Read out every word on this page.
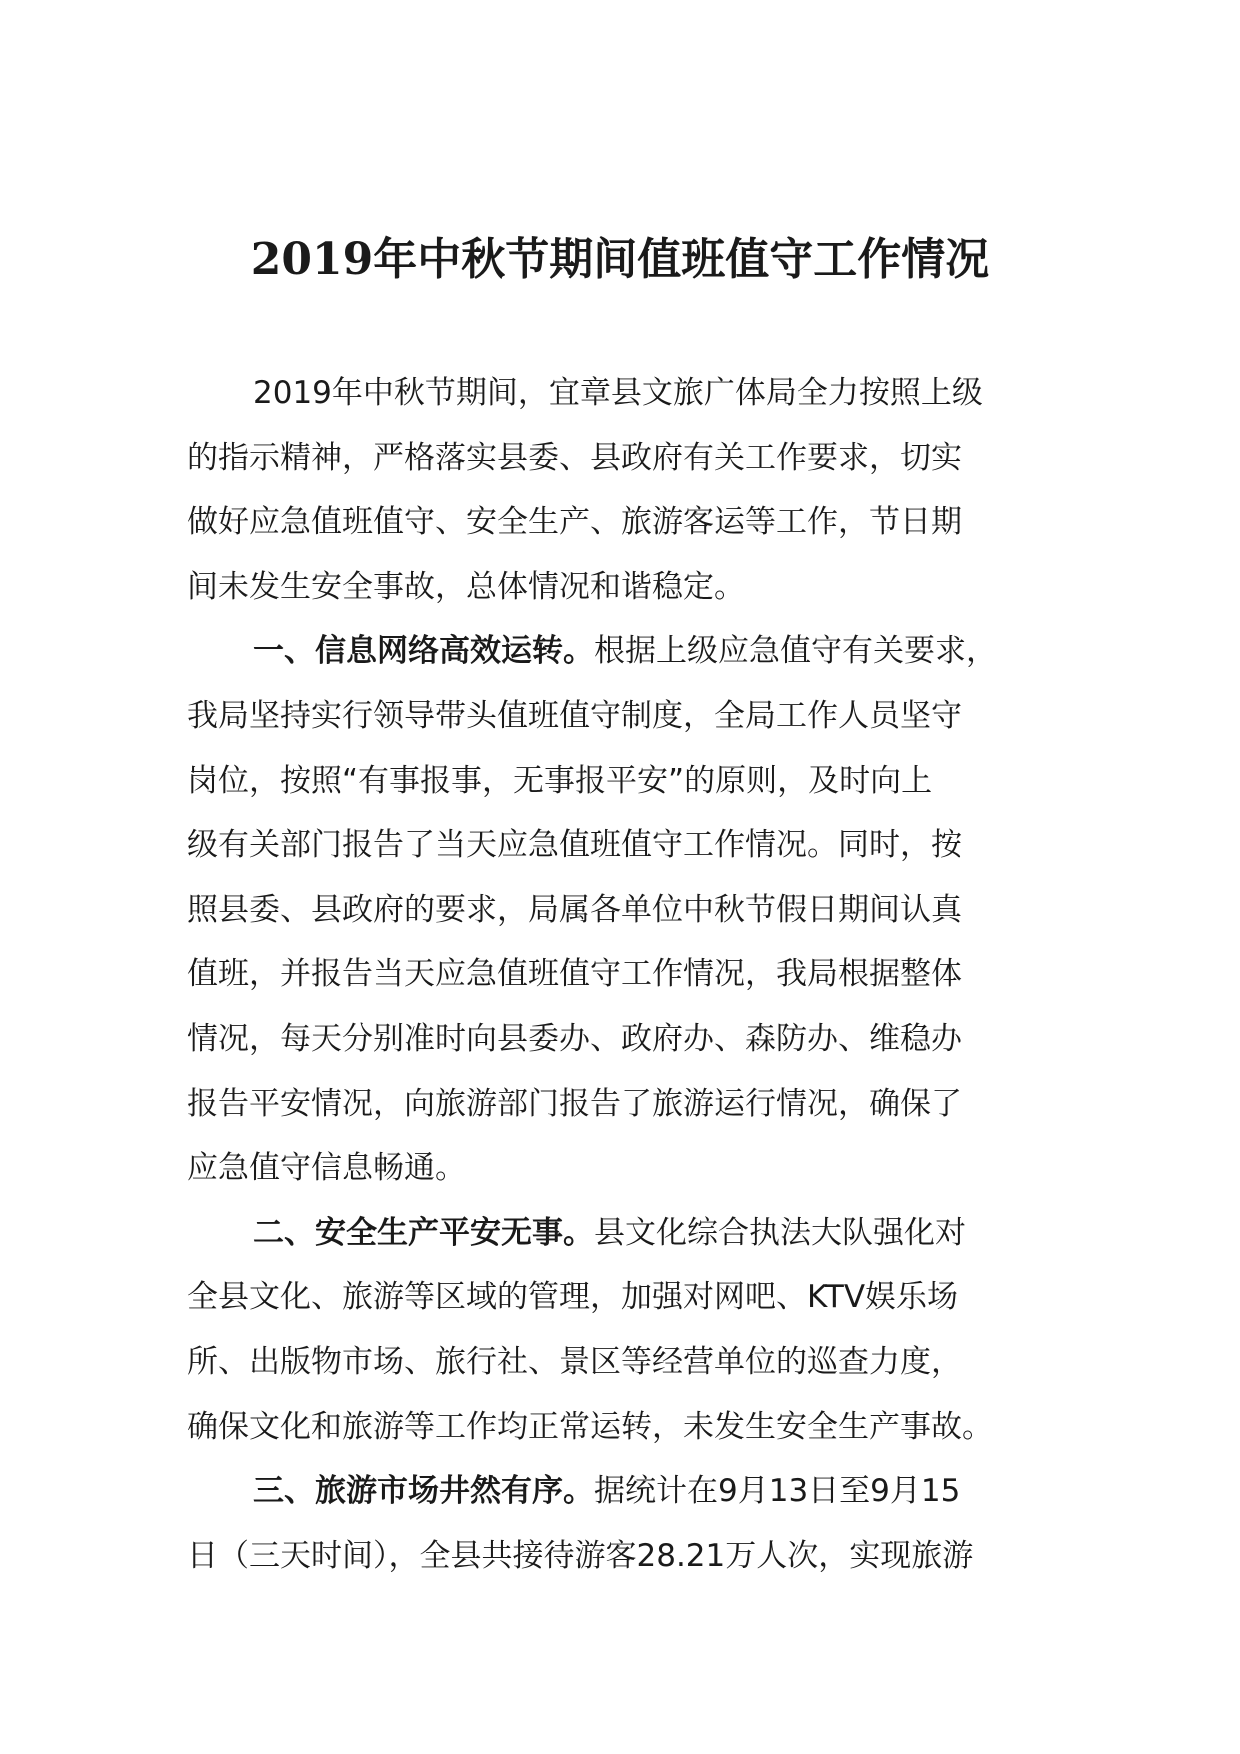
2019年中秋节期间值班值守工作情况
2019年中秋节期间，宜章县文旅广体局全力按照上级
的指示精神，严格落实县委、县政府有关工作要求，切实
做好应急值班值守、安全生产、旅游客运等工作，节日期
间未发生安全事故，总体情况和谐稳定。
一、信息网络高效运转。根据上级应急值守有关要求，
我局坚持实行领导带头值班值守制度，全局工作人员坚守
岗位，按照“有事报事，无事报平安”的原则，及时向上
级有关部门报告了当天应急值班值守工作情况。同时，按
照县委、县政府的要求，局属各单位中秋节假日期间认真
值班，并报告当天应急值班值守工作情况，我局根据整体
情况，每天分别准时向县委办、政府办、森防办、维稳办
报告平安情况，向旅游部门报告了旅游运行情况，确保了
应急值守信息畅通。
二、安全生产平安无事。县文化综合执法大队强化对
全县文化、旅游等区域的管理，加强对网吧、KTV娱乐场
所、出版物市场、旅行社、景区等经营单位的巡查力度，
确保文化和旅游等工作均正常运转，未发生安全生产事故。
三、旅游市场井然有序。据统计在9月13日至9月15
日（三天时间），全县共接待游客28.21万人次，实现旅游
